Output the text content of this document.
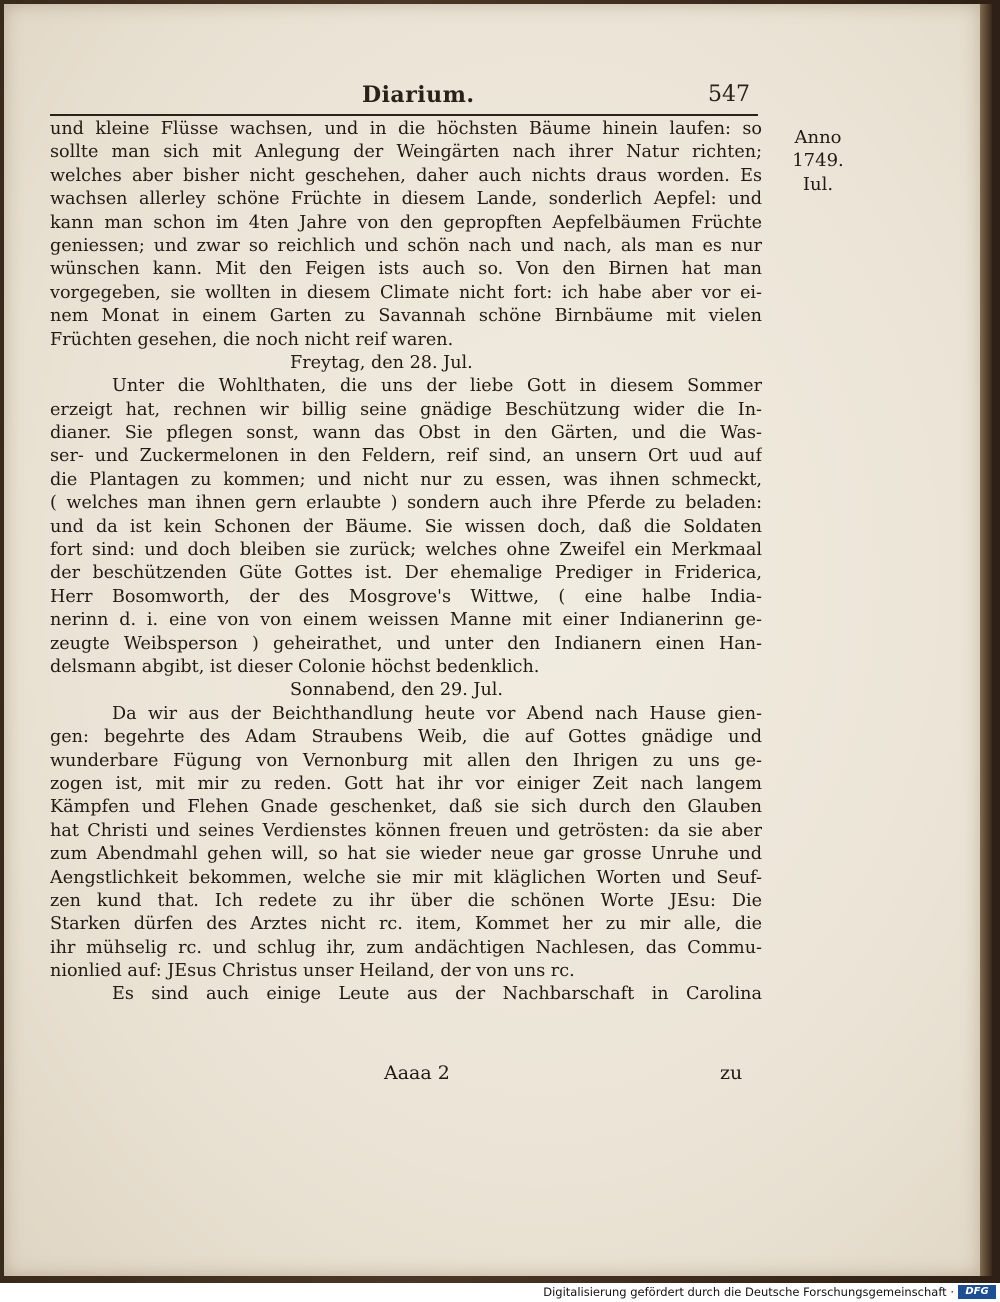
Diarium.	547
Anno
1749.
Iul.
und kleine Flüsse wachsen, und in die höchsten Bäume hinein laufen: so
sollte man sich mit Anlegung der Weingärten nach ihrer Natur richten;
welches aber bisher nicht geschehen, daher auch nichts draus worden. Es
wachsen allerley schöne Früchte in diesem Lande, sonderlich Aepfel: und
kann man schon im 4ten Jahre von den gepropften Aepfelbäumen Früchte
geniessen; und zwar so reichlich und schön nach und nach, als man es nur
wünschen kann. Mit den Feigen ists auch so. Von den Birnen hat man
vorgegeben, sie wollten in diesem Climate nicht fort: ich habe aber vor ei-
nem Monat in einem Garten zu Savannah schöne Birnbäume mit vielen
Früchten gesehen, die noch nicht reif waren.
Freytag, den 28. Jul.
Unter die Wohlthaten, die uns der liebe Gott in diesem Sommer
erzeigt hat, rechnen wir billig seine gnädige Beschützung wider die In-
dianer. Sie pflegen sonst, wann das Obst in den Gärten, und die Was-
ser- und Zuckermelonen in den Feldern, reif sind, an unsern Ort uud auf
die Plantagen zu kommen; und nicht nur zu essen, was ihnen schmeckt,
( welches man ihnen gern erlaubte ) sondern auch ihre Pferde zu beladen:
und da ist kein Schonen der Bäume. Sie wissen doch, daß die Soldaten
fort sind: und doch bleiben sie zurück; welches ohne Zweifel ein Merkmaal
der beschützenden Güte Gottes ist. Der ehemalige Prediger in Friderica,
Herr Bosomworth, der des Mosgrove's Wittwe, ( eine halbe India-
nerinn d. i. eine von von einem weissen Manne mit einer Indianerinn ge-
zeugte Weibsperson ) geheirathet, und unter den Indianern einen Han-
delsmann abgibt, ist dieser Colonie höchst bedenklich.
Sonnabend, den 29. Jul.
Da wir aus der Beichthandlung heute vor Abend nach Hause gien-
gen: begehrte des Adam Straubens Weib, die auf Gottes gnädige und
wunderbare Fügung von Vernonburg mit allen den Ihrigen zu uns ge-
zogen ist, mit mir zu reden. Gott hat ihr vor einiger Zeit nach langem
Kämpfen und Flehen Gnade geschenket, daß sie sich durch den Glauben
hat Christi und seines Verdienstes können freuen und getrösten: da sie aber
zum Abendmahl gehen will, so hat sie wieder neue gar grosse Unruhe und
Aengstlichkeit bekommen, welche sie mir mit kläglichen Worten und Seuf-
zen kund that. Ich redete zu ihr über die schönen Worte JEsu: Die
Starken dürfen des Arztes nicht rc. item, Kommet her zu mir alle, die
ihr mühselig rc. und schlug ihr, zum andächtigen Nachlesen, das Commu-
nionlied auf: JEsus Christus unser Heiland, der von uns rc.
Es sind auch einige Leute aus der Nachbarschaft in Carolina
Aaaa 2	zu
Digitalisierung gefördert durch die Deutsche Forschungsgemeinschaft ·	DFG
